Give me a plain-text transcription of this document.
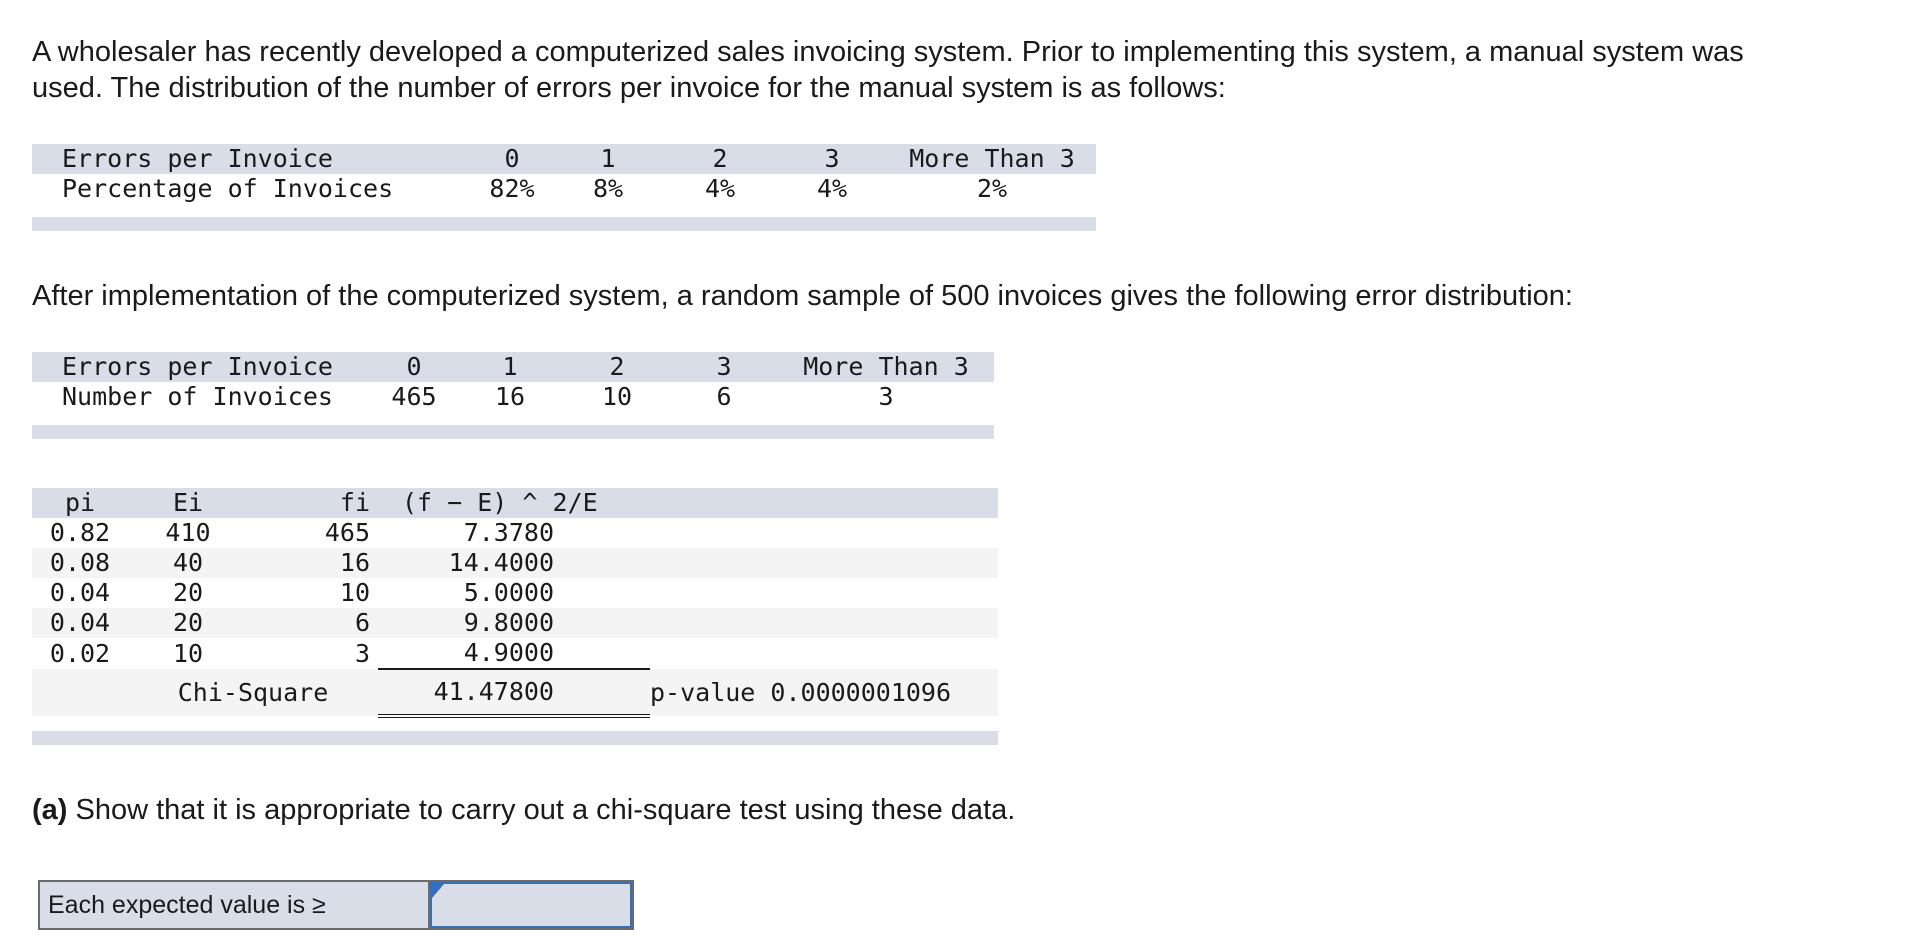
A wholesaler has recently developed a computerized sales invoicing system. Prior to implementing this system, a manual system was
used. The distribution of the number of errors per invoice for the manual system is as follows:
Errors per Invoice	0	1	2	3	More Than 3
Percentage of Invoices	82%	8%	4%	4%	2%
After implementation of the computerized system, a random sample of 500 invoices gives the following error distribution:
Errors per Invoice	0	1	2	3	More Than 3
Number of Invoices	465	16	10	6	3
pi	Ei	fi	(f − E) ^ 2/E		
0.82	410	465	7.3780		
0.08	40	16	14.4000		
0.04	20	10	5.0000		
0.04	20	6	9.8000		
0.02	10	3	4.9000		
	Chi-Square		41.47800		p-value 0.0000001096
(a) Show that it is appropriate to carry out a chi-square test using these data.
Each expected value is ≥
